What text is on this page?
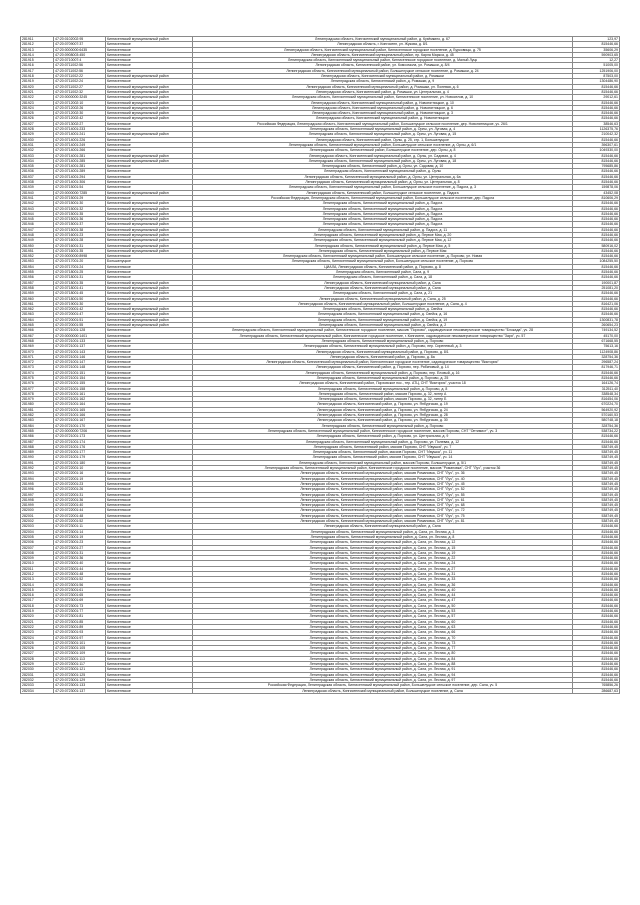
281911	47:20:0102002:95	Кингисеппский муниципальный район	Ленинградская область, Кингисеппский муниципальный район, д. Кузёмкино, д. 67	123,97
281912	47:20:0709007:37	Кингисеппское	Ленинградская область, г. Кингисепп, ул. Жукова, д. 8/1	815446,66
281913	47:20:0000000:6435	Кингисеппское	Ленинградская область, Кингисеппский муниципальный район, Кингисеппское городское поселение, д. Бурковицы, д. 75	35606,29
281914	47:20:0908003:450	Кингисеппское	Ленинградская область, Кингисеппский муниципальный район, пр. Карла Маркса, д. 45	590903,65
281915	47:20:0710007:4	Кингисеппское	Ленинградская область, Кингисеппский муниципальный район, Кингисеппское городское поселение, д. Малый Луцк	12,27
281916	47:20:0711002:56	Кингисеппское	Ленинградская область, Кингисеппский район, ул. Комсомола, ул. Ромашки, д. 8/4	51005,00
281917	47:20:0711002:56	Кингисеппское	Ленинградская область, Кингисеппский муниципальный район, Большелуцкое сельское поселение, д. Ромашки, д. 24	1251906,00
281918	47:20:0711002:22	Кингисеппский муниципальный район	Ленинградская область, Кингисеппский муниципальный район, д. Ромашки	87503,00
281919	47:20:0711002:24	Кингисеппское	Ленинградская область, Кингисеппский район, д. Ромашки, д. 9	1304486,90
281920	47:20:0711002:27	Кингисеппский муниципальный район	Ленинградская область, Кингисеппский муниципальный район, д. Ромашки, ул. Полевая, д. 6	815446,66
281921	47:20:0711002:32	Кингисеппский муниципальный район	Ленинградская область, Кингисеппский район, д. Ромашки, ул. Центральная, д. 4	815446,66
281922	47:20:0000000:3245	Кингисеппский муниципальный район	Ленинградская область, Кингисеппский муниципальный район, Кингисеппское поселение, ул. Новоселов, д. 10	29012,61
281923	47:20:0712002:10	Кингисеппский муниципальный район	Ленинградская область, Кингисеппский муниципальный район, д. Новопятницкое, д. 10	815446,66
281924	47:20:0712002:26	Кингисеппский муниципальный район	Ленинградская область, Кингисеппский муниципальный район, д. Новопятницкое, д. 6	815446,66
281925	47:20:0712002:30	Кингисеппский муниципальный район	Ленинградская область, Кингисеппский муниципальный район, д. Новопятницкое, д. 3	815446,66
281926	47:20:0712002:42	Кингисеппский муниципальный район	Ленинградская область, Кингисеппский муниципальный район, д. Новопятницкое	815446,66
281927	47:20:0713002:27	Кингисеппское	Российская Федерация, Ленинградская область, Кингисеппский муниципальный район, Большелуцкое сельское поселение, дер. Новопятницкое, уч. 26/1	38546,63
281928	47:20:0714001:233	Кингисеппское	Ленинградская область, Кингисеппский муниципальный район, д. Орлы, ул. Луговая, д. 4	1126375,76
281929	47:20:0714001:241	Кингисеппский муниципальный район	Ленинградская область, Кингисеппский муниципальный район, д. Орлы, ул. Луговая, д. 15	210042,32
281930	47:20:0714001:226	Кингисеппское	Ленинградская область, Кингисеппский район, Орлы, д. 25, стр. 1, Большелуцкое	815446,66
281931	47:20:0714001:249	Кингисеппское	Ленинградская область, Кингисеппский муниципальный район, Большелуцкое сельское поселение, д. Орлы, д. 6/1	396307,61
281932	47:20:0714001:266	Кингисеппское	Ленинградская область, Кингисеппский район, Большелуцкое поселение, дер. Орлы, д. 8	1049330,00
281933	47:20:0714001:281	Кингисеппский муниципальный район	Ленинградская область, Кингисеппский муниципальный район, д. Орлы, ул. Садовая, д. 4	815446,66
281934	47:20:0714001:285	Кингисеппский муниципальный район	Ленинградская область, Кингисеппский муниципальный район, д. Орлы, ул. Луговая, д. 18	815446,66
281935	47:20:0714001:281	Кингисеппское	Ленинградская область, Кингисеппский район, д. Орлы, ул. Садовая, д. 10	795685,86
281936	47:20:0714001:289	Кингисеппское	Ленинградская область, Кингисеппский муниципальный район, д. Орлы	815446,66
281937	47:20:0714001:294	Кингисеппское	Ленинградская область, Кингисеппский муниципальный район, д. Орлы, ул. Центральная, д. 6а	815446,66
281938	47:20:0714001:306	Кингисеппское	Ленинградская область, Кингисеппский муниципальный район, д. Орлы, ул. Центральная, д. 8	815446,66
281939	47:20:0715001:54	Кингисеппское	Ленинградская область, Кингисеппский муниципальный район, Большелуцкое сельское поселение, д. Падога, д. 3	159878,06
281940	47:20:0000000:7285	Кингисеппский муниципальный район	Ленинградская область, Кингисеппский район, Большелуцкое сельское поселение, д. Падога	43452,08
281941	47:20:0715001:29	Кингисеппское	Российская Федерация, Ленинградская область, Кингисеппский муниципальный район, Большелуцкое сельское поселение, дер. Падога	810606,29
281942	47:20:0715001:30	Кингисеппский муниципальный район	Ленинградская область, Кингисеппский муниципальный район, д. Падога	815446,66
281943	47:20:0715001:32	Кингисеппский муниципальный район	Ленинградская область, Кингисеппский муниципальный район, д. Падога	815446,66
281944	47:20:0715001:35	Кингисеппский муниципальный район	Ленинградская область, Кингисеппский муниципальный район, д. Падога	815446,66
281945	47:20:0715001:36	Кингисеппский муниципальный район	Ленинградская область, Кингисеппский муниципальный район, д. Падога	815446,66
281946	47:20:0715001:37	Кингисеппский муниципальный район	Ленинградская область, Кингисеппский муниципальный район, д. Падога	815446,66
281947	47:20:0715001:38	Кингисеппский муниципальный район	Ленинградская область, Кингисеппский муниципальный район, д. Падога, д. 11	815446,66
281948	47:20:0716001:23	Кингисеппский муниципальный район	Ленинградская область, Кингисеппский муниципальный район, д. Первое Мая, д. 20	815446,66
281949	47:20:0716001:28	Кингисеппский муниципальный район	Ленинградская область, Кингисеппский муниципальный район, д. Первое Мая, д. 12	815446,66
281950	47:20:0716001:31	Кингисеппский муниципальный район	Ленинградская область, Кингисеппский муниципальный район, д. Первое Мая, д. 5	580916,02
281951	47:20:0716001:35	Кингисеппский муниципальный район	Ленинградская область, Кингисеппский муниципальный район, д. Первое Мая	815446,66
281952	47:20:0000000:8998	Кингисеппское	Ленинградская область, Кингисеппский муниципальный район, Большелуцкое сельское поселение, д. Порхово, ул. Новая	815446,66
281953	47:20:0717001:20	Большелуцкое	Ленинградская область, Кингисеппский муниципальный район, Большелуцкое сельское поселение, д. Порхово	1084255,50
281954	47:20:0717001:24	Кингисеппское	ЦИАЛА, Ленинградская область, Кингисеппский район, д. Порхово, д. 8	815446,66
281955	47:20:0718001:25	Кингисеппское	Ленинградская область, Кингисеппский район, Сала, д. 9	815446,66
281956	47:20:0718001:31	Кингисеппское	Ленинградская область, Кингисеппский район, д. Сала, д. 18	815446,66
281957	47:20:0718001:35	Кингисеппский муниципальный район	Ленинградская область, Кингисеппский муниципальный район, д. Сала	190001,87
281958	47:20:0718001:41	Кингисеппский муниципальный район	Ленинградская область, Кингисеппский муниципальный район, д. Сала	251081,20
281959	47:20:0718001:45	Кингисеппский муниципальный район	Ленинградская область, Кингисеппский район, д. Сала, д. 21	815446,66
281960	47:20:0718001:50	Кингисеппский муниципальный район	Ленинградская область, Кингисеппский муниципальный район, д. Сала, д. 25	815446,66
281961	47:20:0719001:30	Кингисеппское	Ленинградская область, Кингисеппский муниципальный район, Большелуцкое поселение, д. Сала, д. 4	816421,06
281962	47:20:0720001:42	Кингисеппский муниципальный район	Ленинградская область, Кингисеппский муниципальный район, д. Свейск	815446,66
281963	47:20:0720001:47	Кингисеппский муниципальный район	Ленинградская область, Кингисеппский муниципальный район, д. Свейск, д. 16	815446,66
281964	47:20:0720001:51	Кингисеппский муниципальный район	Ленинградская область, Кингисеппский муниципальный район, д. Свейск, д. 19	1300831,78
281965	47:20:0720001:55	Кингисеппский муниципальный район	Ленинградская область, Кингисеппский муниципальный район, д. Свейск, д. 2	260654,23
281966	47:20:0721001:128	Кингисеппское	Ленинградская область, Кингисеппский муниципальный район, Кингисеппское городское поселение, массив "Порхово", садоводческое некоммерческое товарищество "Блокада", уч. 28	749134,52
281967	47:20:0000000:1401	Кингисеппское	Ленинградская область, Кингисеппский муниципальный район, Кингисеппское городское поселение, г. Кингисепп, садоводческое некоммерческое товарищество "Заря", уч. 57	45170,00
281968	47:20:0721001:133	Кингисеппское	Ленинградская область, Кингисеппский муниципальный район, д. Порхово	671668,55
281969	47:20:0721001:137	Кингисеппское	Ленинградская область, Кингисеппский муниципальный район, д. Порхово, пер. Сиреневый, д. 3	75613,16
281970	47:20:0721001:143	Кингисеппское	Ленинградская область, Кингисеппский муниципальный район, д. Порхово, д. 8/1	1124908,86
281971	47:20:0721001:146	Кингисеппское	Ленинградская область, Кингисеппский район, д. Порхово, д. 8а	328754,36
281972	47:20:0721001:147	Кингисеппское	Ленинградская область, Кингисеппский муниципальный район, Кингисеппское городское поселение, садоводческое товарищество "Виктория"	296587,24
281973	47:20:0721001:148	Кингисеппское	Ленинградская область, Кингисеппский район, д. Порхово, пер. Рябиновый, д. 14	817946,71
281974	47:20:0721001:151	Кингисеппское	Ленинградская область, Кингисеппский муниципальный район, д. Порхово, пер. Еловый, д. 16	815446,66
281975	47:20:0721001:154	Кингисеппское	Ленинградская область, Кингисеппский муниципальный район, д. Порхово, д. 25	815446,66
281976	47:20:0721001:155	Кингисеппское	Ленинградская область, Кингисеппский район, Порховское пос., тер. АТЦ, СНТ "Виктория", участок 18	164126,74
281977	47:20:0721001:158	Кингисеппское	Ленинградская область, Кингисеппский муниципальный район, д. Порхово, д. 8	312511,40
281978	47:20:0721001:161	Кингисеппское	Ленинградская область, Кингисеппский район, массив Порхово, д. 32, литер А	338548,34
281979	47:20:0721001:162	Кингисеппское	Ленинградская область, Кингисеппский район, массив Порхово, д. 32, литер Б	816454,06
281980	47:20:0721001:164	Кингисеппское	Ленинградская область, Кингисеппский район, д. Порхово, ул. Янбургская, д. 19	670224,70
281981	47:20:0721001:165	Кингисеппское	Ленинградская область, Кингисеппский район, д. Порхово, ул. Янбургская, д. 24	564920,92
281982	47:20:0721001:166	Кингисеппское	Ленинградская область, Кингисеппский район, д. Порхово, ул. Янбургская, д. 28	570160,53
281983	47:20:0721001:167	Кингисеппское	Ленинградская область, Кингисеппский район, д. Порхово, ул. Янбургская, д. 30	580748,18
281984	47:20:0721001:170	Кингисеппское	Ленинградская область, Кингисеппский муниципальный район, д. Порхово	328754,36
281985	47:20:0000000:7206	Кингисеппское	Ленинградская область, Кингисеппский муниципальный район, Кингисеппское городское поселение, массив Порхово, СНТ "Оптимист", уч. 3	538734,22
281986	47:20:0721001:173	Кингисеппское	Ленинградская область, Кингисеппский район, д. Порхово, ул. Центральная, д. 9	815446,66
281987	47:20:0721001:174	Кингисеппское	Ленинградская область, Кингисеппский муниципальный район, д. Порхово, ул. Полевая, д. 12	815446,66
281988	47:20:0721001:176	Кингисеппское	Ленинградская область, Кингисеппский район, массив Порхово, СНТ "Ивушка", уч. 7	538749,45
281989	47:20:0721001:177	Кингисеппское	Ленинградская область, Кингисеппский район, массив Порхово, СНТ "Ивушка", уч. 11	538749,45
281990	47:20:0721001:179	Кингисеппское	Ленинградская область, Кингисеппский район, массив Порхово, СНТ "Ивушка", уч. 14	538749,45
281991	47:20:0721001:180	Кингисеппское	Ленинградская область, Кингисеппский муниципальный район, массив Порхово, Большелуцкое, д. 5/1	538749,45
281992	47:20:0722001:10	Кингисеппское	Ленинградская область, Кингисеппский муниципальный район, Кингисеппское городское поселение, массив "Романовка", СНТ "Луч", участок 36	538749,45
281993	47:20:0722001:16	Кингисеппское	Ленинградская область, Кингисеппский муниципальный район, массив Романовка, СНТ "Луч", уч. 36	538749,45
281994	47:20:0722001:19	Кингисеппское	Ленинградская область, Кингисеппский муниципальный район, массив Романовка, СНТ "Луч", уч. 40	538749,45
281995	47:20:0722001:23	Кингисеппское	Ленинградская область, Кингисеппский муниципальный район, массив Романовка, СНТ "Луч", уч. 45	538749,45
281996	47:20:0722001:26	Кингисеппское	Ленинградская область, Кингисеппский муниципальный район, массив Романовка, СНТ "Луч", уч. 52	538749,45
281997	47:20:0722001:31	Кингисеппское	Ленинградская область, Кингисеппский муниципальный район, массив Романовка, СНТ "Луч", уч. 55	538749,45
281998	47:20:0722001:36	Кингисеппское	Ленинградская область, Кингисеппский муниципальный район, массив Романовка, СНТ "Луч", уч. 61	538749,45
281999	47:20:0722001:40	Кингисеппское	Ленинградская область, Кингисеппский муниципальный район, массив Романовка, СНТ "Луч", уч. 68	538749,45
282000	47:20:0722001:44	Кингисеппское	Ленинградская область, Кингисеппский муниципальный район, массив Романовка, СНТ "Луч", уч. 72	538749,45
282001	47:20:0722001:48	Кингисеппское	Ленинградская область, Кингисеппский муниципальный район, массив Романовка, СНТ "Луч", уч. 75	538749,45
282002	47:20:0722001:52	Кингисеппское	Ленинградская область, Кингисеппский муниципальный район, массив Романовка, СНТ "Луч", уч. 81	538749,45
282003	47:20:0723001:11	Кингисеппское	Ленинградская область, Кингисеппский муниципальный район, д. Сала	815446,66
282004	47:20:0723001:14	Кингисеппское	Ленинградская область, Кингисеппский муниципальный район, д. Сала, ул. Лесная, д. 3	815446,66
282005	47:20:0723001:19	Кингисеппское	Ленинградская область, Кингисеппский муниципальный район, д. Сала, ул. Лесная, д. 8	815446,66
282006	47:20:0723001:23	Кингисеппское	Ленинградская область, Кингисеппский муниципальный район, д. Сала, ул. Лесная, д. 12	815446,66
282007	47:20:0723001:27	Кингисеппское	Ленинградская область, Кингисеппский муниципальный район, д. Сала, ул. Лесная, д. 15	815446,66
282008	47:20:0723001:31	Кингисеппское	Ленинградская область, Кингисеппский муниципальный район, д. Сала, ул. Лесная, д. 19	815446,66
282009	47:20:0723001:36	Кингисеппское	Ленинградская область, Кингисеппский муниципальный район, д. Сала, ул. Лесная, д. 22	815446,66
282010	47:20:0723001:40	Кингисеппское	Ленинградская область, Кингисеппский муниципальный район, д. Сала, ул. Лесная, д. 24	815446,66
282011	47:20:0723001:44	Кингисеппское	Ленинградская область, Кингисеппский муниципальный район, д. Сала, ул. Лесная, д. 27	815446,66
282012	47:20:0723001:48	Кингисеппское	Ленинградская область, Кингисеппский муниципальный район, д. Сала, ул. Лесная, д. 31	815446,66
282013	47:20:0723001:52	Кингисеппское	Ленинградская область, Кингисеппский муниципальный район, д. Сала, ул. Лесная, д. 33	815446,66
282014	47:20:0723001:56	Кингисеппское	Ленинградская область, Кингисеппский муниципальный район, д. Сала, ул. Лесная, д. 36	815446,66
282015	47:20:0723001:61	Кингисеппское	Ленинградская область, Кингисеппский муниципальный район, д. Сала, ул. Лесная, д. 40	815446,66
282016	47:20:0723001:65	Кингисеппское	Ленинградская область, Кингисеппский муниципальный район, д. Сала, ул. Лесная, д. 44	815446,66
282017	47:20:0723001:69	Кингисеппское	Ленинградская область, Кингисеппский муниципальный район, д. Сала, ул. Лесная, д. 47	815446,66
282018	47:20:0723001:73	Кингисеппское	Ленинградская область, Кингисеппский муниципальный район, д. Сала, ул. Лесная, д. 50	815446,66
282019	47:20:0723001:77	Кингисеппское	Ленинградская область, Кингисеппский муниципальный район, д. Сала, ул. Лесная, д. 53	815446,66
282020	47:20:0723001:81	Кингисеппское	Ленинградская область, Кингисеппский муниципальный район, д. Сала, ул. Лесная, д. 57	815446,66
282021	47:20:0723001:85	Кингисеппское	Ленинградская область, Кингисеппский муниципальный район, д. Сала, ул. Лесная, д. 60	815446,66
282022	47:20:0723001:89	Кингисеппское	Ленинградская область, Кингисеппский муниципальный район, д. Сала, ул. Лесная, д. 63	815446,66
282023	47:20:0723001:93	Кингисеппское	Ленинградская область, Кингисеппский муниципальный район, д. Сала, ул. Лесная, д. 66	815446,66
282024	47:20:0723001:97	Кингисеппское	Ленинградская область, Кингисеппский муниципальный район, д. Сала, ул. Лесная, д. 70	815446,66
282025	47:20:0723001:101	Кингисеппское	Ленинградская область, Кингисеппский муниципальный район, д. Сала, ул. Лесная, д. 73	815446,66
282026	47:20:0723001:105	Кингисеппское	Ленинградская область, Кингисеппский муниципальный район, д. Сала, ул. Лесная, д. 77	815446,66
282027	47:20:0723001:109	Кингисеппское	Ленинградская область, Кингисеппский муниципальный район, д. Сала, ул. Лесная, д. 80	815446,66
282028	47:20:0723001:113	Кингисеппское	Ленинградская область, Кингисеппский муниципальный район, д. Сала, ул. Лесная, д. 84	815446,66
282029	47:20:0723001:117	Кингисеппское	Ленинградская область, Кингисеппский муниципальный район, д. Сала, ул. Лесная, д. 88	815446,66
282030	47:20:0723001:121	Кингисеппское	Ленинградская область, Кингисеппский муниципальный район, д. Сала, ул. Лесная, д. 91	815446,66
282031	47:20:0723001:125	Кингисеппское	Ленинградская область, Кингисеппский муниципальный район, д. Сала, ул. Лесная, д. 94	815446,66
282032	47:20:0723001:129	Кингисеппское	Ленинградская область, Кингисеппский муниципальный район, д. Сала, ул. Лесная, д. 97	815446,66
282033	47:20:0723001:133	Кингисеппское	Российская Федерация, Ленинградская область, Кингисеппский муниципальный район, Большелуцкое сельское поселение, дер. Сала, уч. 5	765856,26
282034	47:20:0723001:137	Кингисеппское	Ленинградская область, Кингисеппский муниципальный район, Большелуцкое поселение, д. Сала	286687,63
